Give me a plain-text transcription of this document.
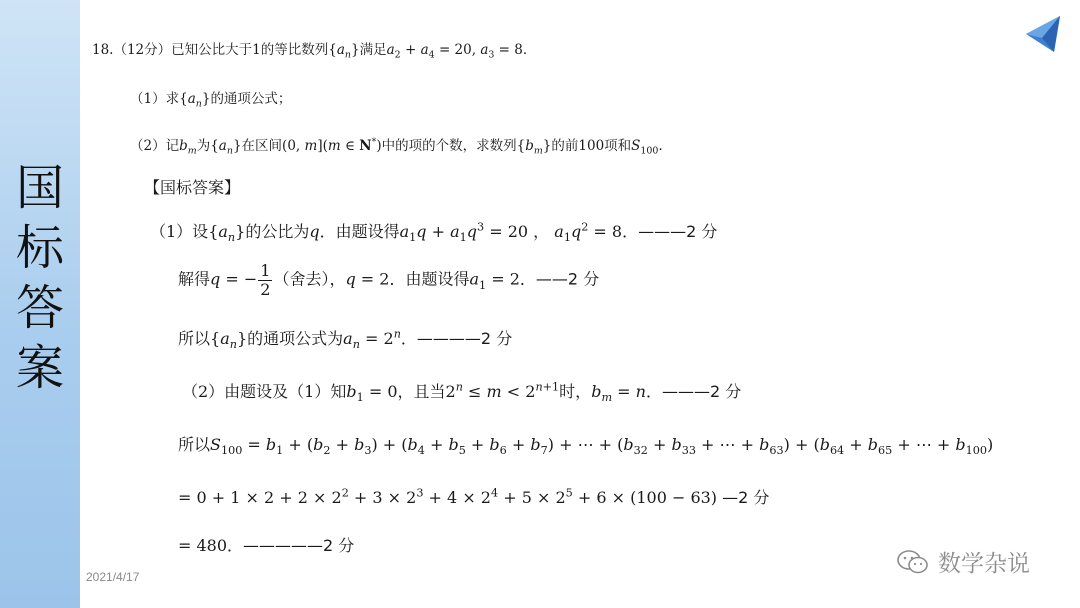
国
标
答
案
2021/4/17	数学杂说
18.（12分）已知公比大于1的等比数列$\{a_n\}$满足$a_2 + a_4 = 20$, $a_3 = 8$．
（1）求$\{a_n\}$的通项公式；
（2）记$b_m$为$\{a_n\}$在区间(0, m](m ∈ N*)中的项的个数，求数列$\{b_m\}$的前100项和$S_{100}$．
【国标答案】
（1）设$\{a_n\}$的公比为q．由题设得$a_1q + a_1q^3 = 20$ ， $a_1q^2 = 8$．———2 分
解得q = − $\frac{1}{2}$ （舍去），q = 2．由题设得$a_1 = 2$．——2 分
所以$\{a_n\}$的通项公式为$a_n = 2^n$．————2 分
（2）由题设及（1）知$b_1 = 0$，且当$2^n \le m < 2^{n+1}$时，$b_m = n$．———2 分
所以$S_{100} = b_1 + (b_2 + b_3) + (b_4 + b_5 + b_6 + b_7)$ + ⋯ + ($b_{32} + b_{33}$ + ⋯ + $b_{63}) + (b_{64} + b_{65}$ + ⋯ + $b_{100}$)
= $0 + 1 \times 2 + 2 \times 2^2 + 3 \times 2^3 + 4 \times 2^4 + 5 \times 2^5 + 6 \times (100 - 63)$ —2 分
= 480．—————2 分
